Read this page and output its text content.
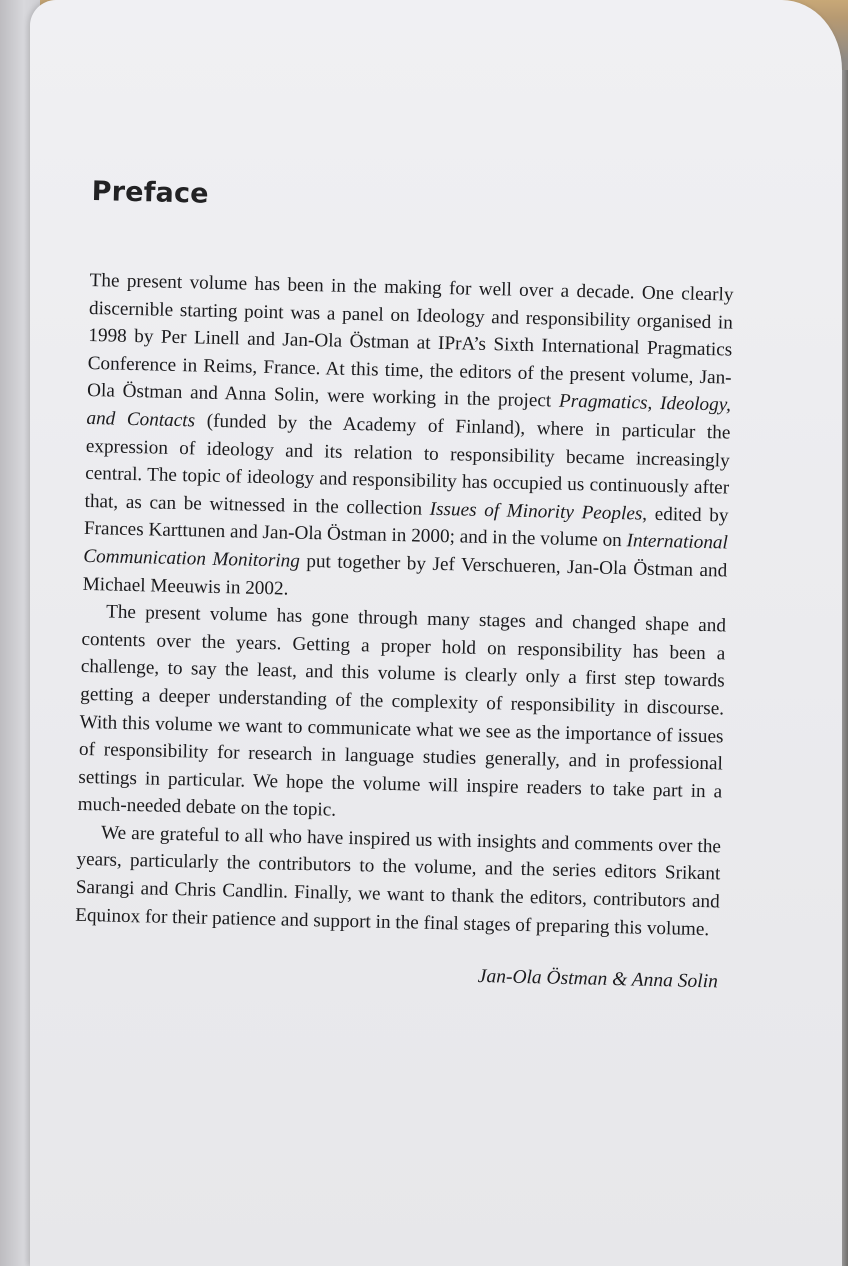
Preface

The present volume has been in the making for well over a decade. One clearly discernible starting point was a panel on Ideology and responsibility organised in 1998 by Per Linell and Jan-Ola Östman at IPrA’s Sixth International Pragmatics Conference in Reims, France. At this time, the editors of the present volume, Jan-Ola Östman and Anna Solin, were working in the project Pragmatics, Ideology, and Contacts (funded by the Academy of Finland), where in particular the expression of ideology and its relation to responsibility became increasingly central. The topic of ideology and responsibility has occupied us continuously after that, as can be witnessed in the collection Issues of Minority Peoples, edited by Frances Karttunen and Jan-Ola Östman in 2000; and in the volume on International Communication Monitoring put together by Jef Verschueren, Jan-Ola Östman and Michael Meeuwis in 2002.

The present volume has gone through many stages and changed shape and contents over the years. Getting a proper hold on responsibility has been a challenge, to say the least, and this volume is clearly only a first step towards getting a deeper understanding of the complexity of responsibility in discourse. With this volume we want to communicate what we see as the importance of issues of responsibility for research in language studies generally, and in professional settings in particular. We hope the volume will inspire readers to take part in a much-needed debate on the topic.

We are grateful to all who have inspired us with insights and comments over the years, particularly the contributors to the volume, and the series editors Srikant Sarangi and Chris Candlin. Finally, we want to thank the editors, contributors and Equinox for their patience and support in the final stages of preparing this volume.

Jan-Ola Östman & Anna Solin
